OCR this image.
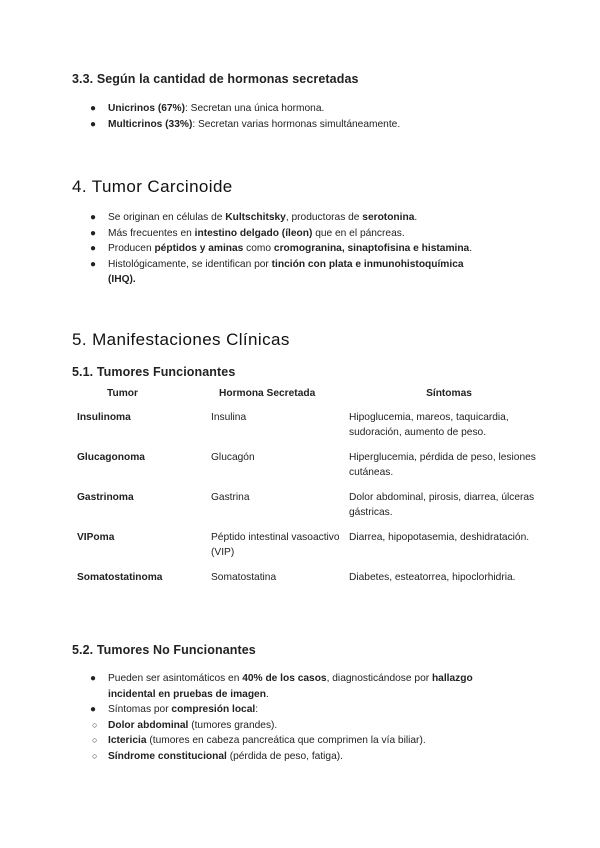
3.3. Según la cantidad de hormonas secretadas
● Unicrinos (67%): Secretan una única hormona.
● Multicrinos (33%): Secretan varias hormonas simultáneamente.
4. Tumor Carcinoide
● Se originan en células de Kultschitsky, productoras de serotonina.
● Más frecuentes en intestino delgado (íleon) que en el páncreas.
● Producen péptidos y aminas como cromogranina, sinaptofisina e histamina.
● Histológicamente, se identifican por tinción con plata e inmunohistoquímica
(IHQ).
5. Manifestaciones Clínicas
5.1. Tumores Funcionantes
Tumor	Hormona Secretada	Síntomas
Insulinoma	Insulina	Hipoglucemia, mareos, taquicardia, sudoración, aumento de peso.
Glucagonoma	Glucagón	Hiperglucemia, pérdida de peso, lesiones cutáneas.
Gastrinoma	Gastrina	Dolor abdominal, pirosis, diarrea, úlceras gástricas.
VIPoma	Péptido intestinal vasoactivo (VIP)	Diarrea, hipopotasemia, deshidratación.
Somatostatinoma	Somatostatina	Diabetes, esteatorrea, hipoclorhidria.
5.2. Tumores No Funcionantes
● Pueden ser asintomáticos en 40% de los casos, diagnosticándose por hallazgo
incidental en pruebas de imagen.
● Síntomas por compresión local:
○ Dolor abdominal (tumores grandes).
○ Ictericia (tumores en cabeza pancreática que comprimen la vía biliar).
○ Síndrome constitucional (pérdida de peso, fatiga).
